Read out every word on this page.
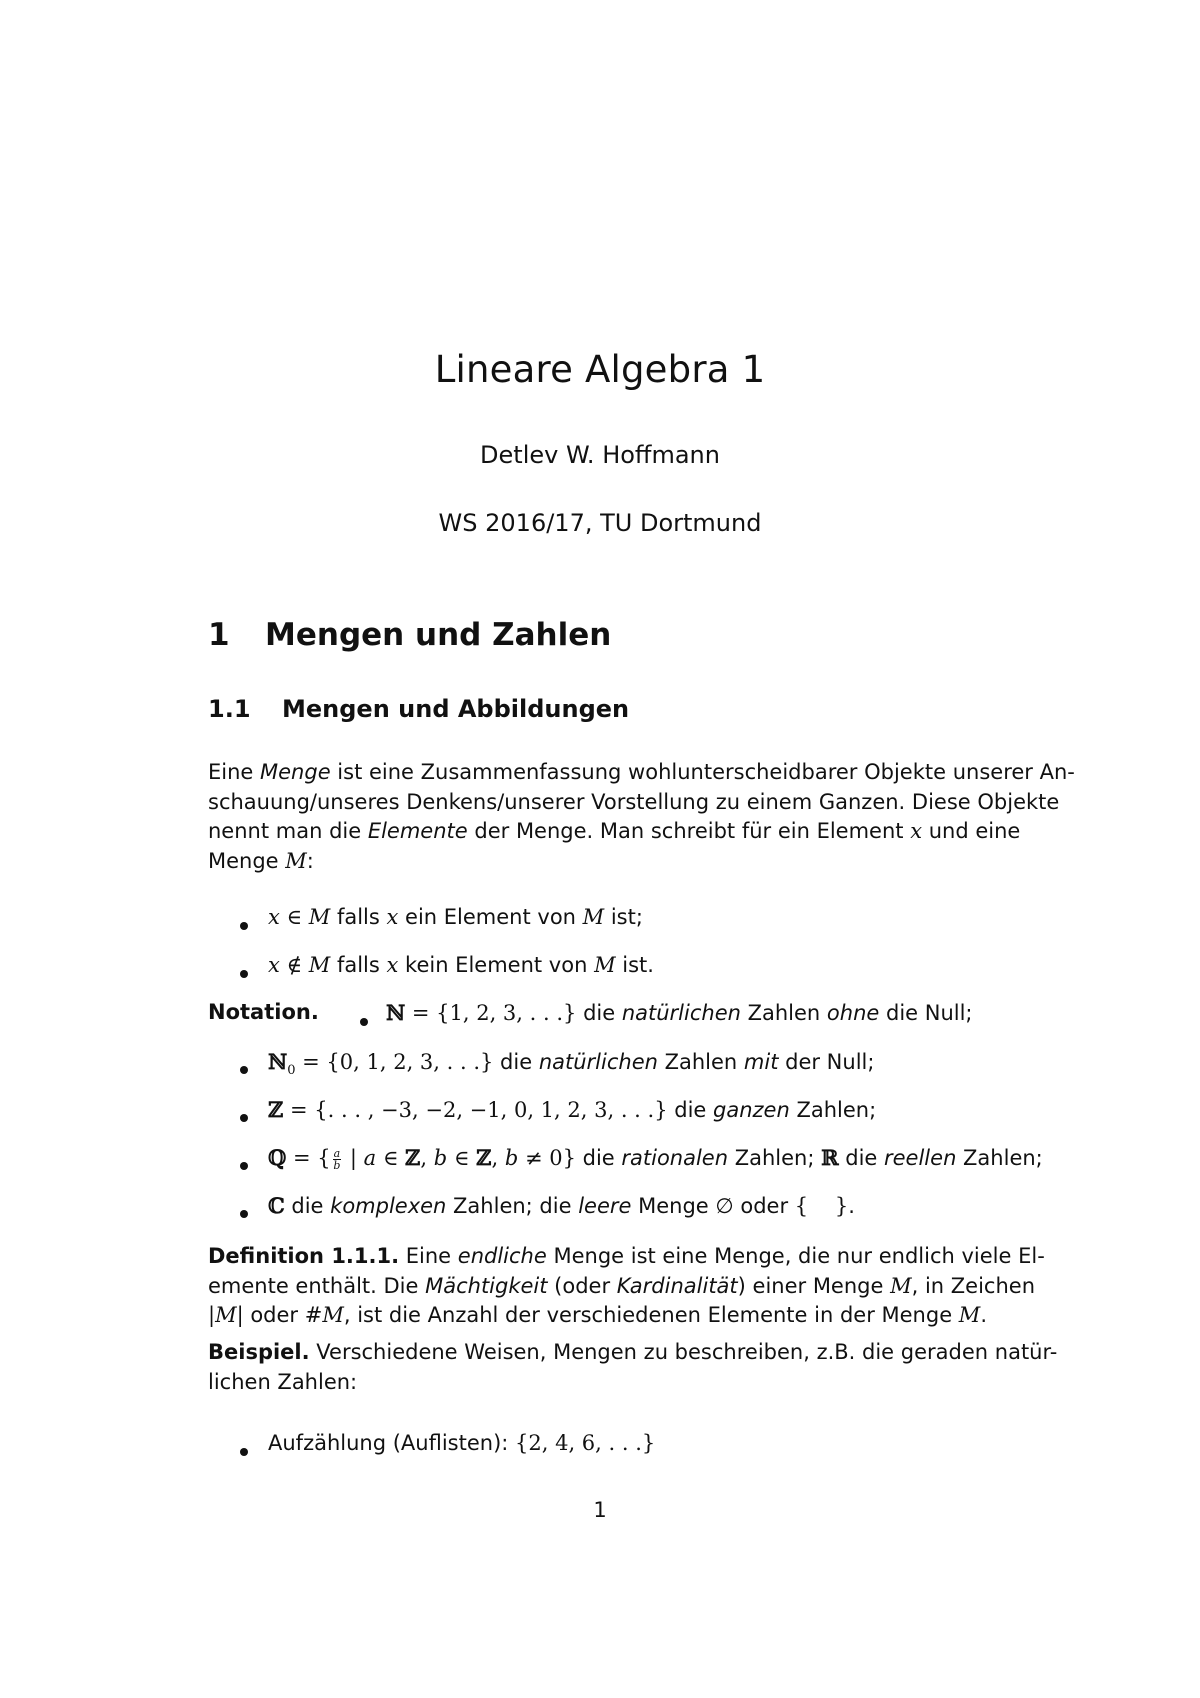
Lineare Algebra 1
Detlev W. Hoffmann
WS 2016/17, TU Dortmund
1 Mengen und Zahlen
1.1 Mengen und Abbildungen
Eine Menge ist eine Zusammenfassung wohlunterscheidbarer Objekte unserer An-
schauung/unseres Denkens/unserer Vorstellung zu einem Ganzen. Diese Objekte
nennt man die Elemente der Menge. Man schreibt für ein Element x und eine
Menge M:
x ∈ M falls x ein Element von M ist;
x ∉ M falls x kein Element von M ist.
Notation.	ℕ = {1, 2, 3, . . .} die natürlichen Zahlen ohne die Null;
ℕ$_0$ = {0, 1, 2, 3, . . .} die natürlichen Zahlen mit der Null;
ℤ = {. . . , −3, −2, −1, 0, 1, 2, 3, . . .} die ganzen Zahlen;
ℚ = { $\frac{a}{b}$ | a ∈ ℤ, b ∈ ℤ, b ≠ 0} die rationalen Zahlen; ℝ die reellen Zahlen;
ℂ die komplexen Zahlen; die leere Menge ∅ oder {    }.
Definition 1.1.1. Eine endliche Menge ist eine Menge, die nur endlich viele El-
emente enthält. Die Mächtigkeit (oder Kardinalität) einer Menge M, in Zeichen
|M| oder #M, ist die Anzahl der verschiedenen Elemente in der Menge M.
Beispiel. Verschiedene Weisen, Mengen zu beschreiben, z.B. die geraden natür-
lichen Zahlen:
Aufzählung (Auflisten): {2, 4, 6, . . .}
1
